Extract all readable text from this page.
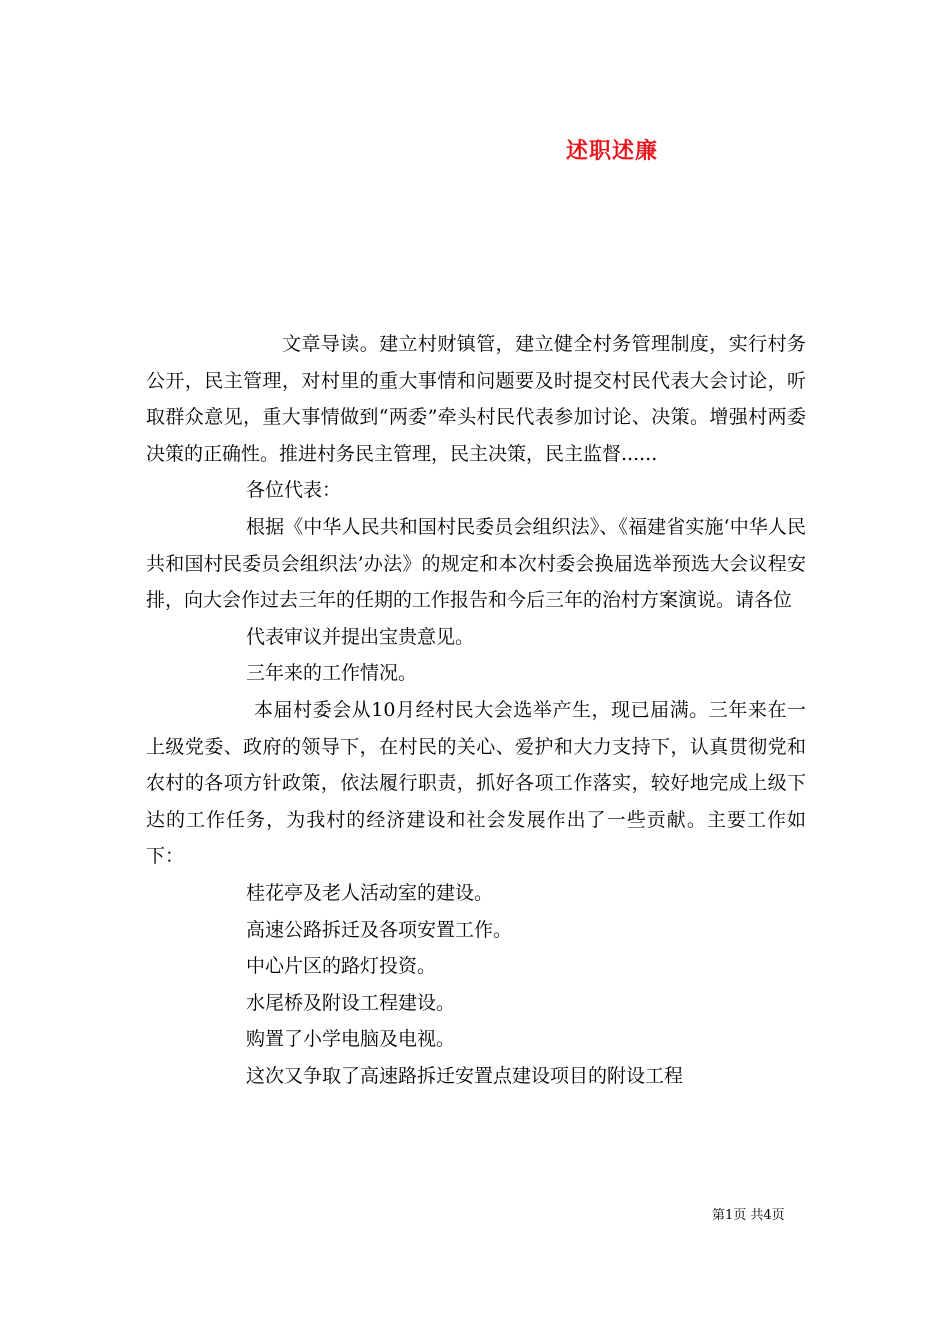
述职述廉

文章导读。建立村财镇管，建立健全村务管理制度，实行村务公开，民主管理，对村里的重大事情和问题要及时提交村民代表大会讨论，听取群众意见，重大事情做到“两委”牵头村民代表参加讨论、决策。增强村两委决策的正确性。推进村务民主管理，民主决策，民主监督......

各位代表：

根据《中华人民共和国村民委员会组织法》、《福建省实施‘中华人民共和国村民委员会组织法’办法》的规定和本次村委会换届选举预选大会议程安排，向大会作过去三年的任期的工作报告和今后三年的治村方案演说。请各位

代表审议并提出宝贵意见。

三年来的工作情况。

本届村委会从10月经村民大会选举产生，现已届满。三年来在一上级党委、政府的领导下，在村民的关心、爱护和大力支持下，认真贯彻党和农村的各项方针政策，依法履行职责，抓好各项工作落实，较好地完成上级下达的工作任务，为我村的经济建设和社会发展作出了一些贡献。主要工作如下：

桂花亭及老人活动室的建设。

高速公路拆迁及各项安置工作。

中心片区的路灯投资。

水尾桥及附设工程建设。

购置了小学电脑及电视。

这次又争取了高速路拆迁安置点建设项目的附设工程

第1页 共4页
